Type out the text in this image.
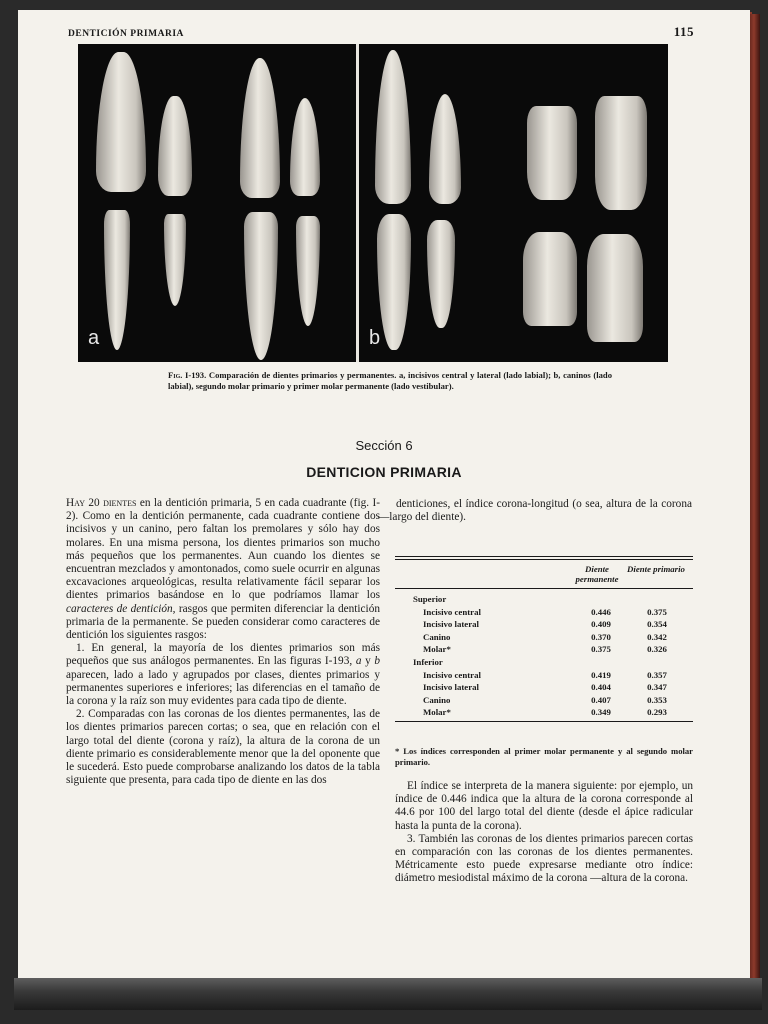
DENTICIÓN PRIMARIA	115
a	b
Fig. I-193. Comparación de dientes primarios y permanentes. a, incisivos central y lateral (lado labial); b, caninos (lado labial), segundo molar primario y primer molar permanente (lado vestibular).
Sección 6
DENTICION PRIMARIA

Hay 20 dientes en la dentición primaria, 5 en cada cuadrante (fig. I-2). Como en la dentición permanente, cada cuadrante contiene dos incisivos y un canino, pero faltan los premolares y sólo hay dos molares. En una misma persona, los dientes primarios son mucho más pequeños que los permanentes. Aun cuando los dientes se encuentran mezclados y amontonados, como suele ocurrir en algunas excavaciones arqueológicas, resulta relativamente fácil separar los dientes primarios basándose en lo que podríamos llamar los caracteres de dentición, rasgos que permiten diferenciar la dentición primaria de la permanente. Se pueden considerar como caracteres de dentición los siguientes rasgos:

1. En general, la mayoría de los dientes primarios son más pequeños que sus análogos permanentes. En las figuras I-193, a y b aparecen, lado a lado y agrupados por clases, dientes primarios y permanentes superiores e inferiores; las diferencias en el tamaño de la corona y la raíz son muy evidentes para cada tipo de diente.

2. Comparadas con las coronas de los dientes permanentes, las de los dientes primarios parecen cortas; o sea, que en relación con el largo total del diente (corona y raíz), la altura de la corona de un diente primario es considerablemente menor que la del oponente que le sucederá. Esto puede comprobarse analizando los datos de la tabla siguiente que presenta, para cada tipo de diente en las dos

denticiones, el índice corona-longitud (o sea, altura de la corona —largo del diente).

Diente permanente
Diente primario
Superior
Incisivo central	0.446	0.375
Incisivo lateral	0.409	0.354
Canino	0.370	0.342
Molar*	0.375	0.326
Inferior
Incisivo central	0.419	0.357
Incisivo lateral	0.404	0.347
Canino	0.407	0.353
Molar*	0.349	0.293
* Los índices corresponden al primer molar permanente y al segundo molar primario.

El índice se interpreta de la manera siguiente: por ejemplo, un índice de 0.446 indica que la altura de la corona corresponde al 44.6 por 100 del largo total del diente (desde el ápice radicular hasta la punta de la corona).

3. También las coronas de los dientes primarios parecen cortas en comparación con las coronas de los dientes permanentes. Métricamente esto puede expresarse mediante otro índice: diámetro mesiodistal máximo de la corona —altura de la corona.
